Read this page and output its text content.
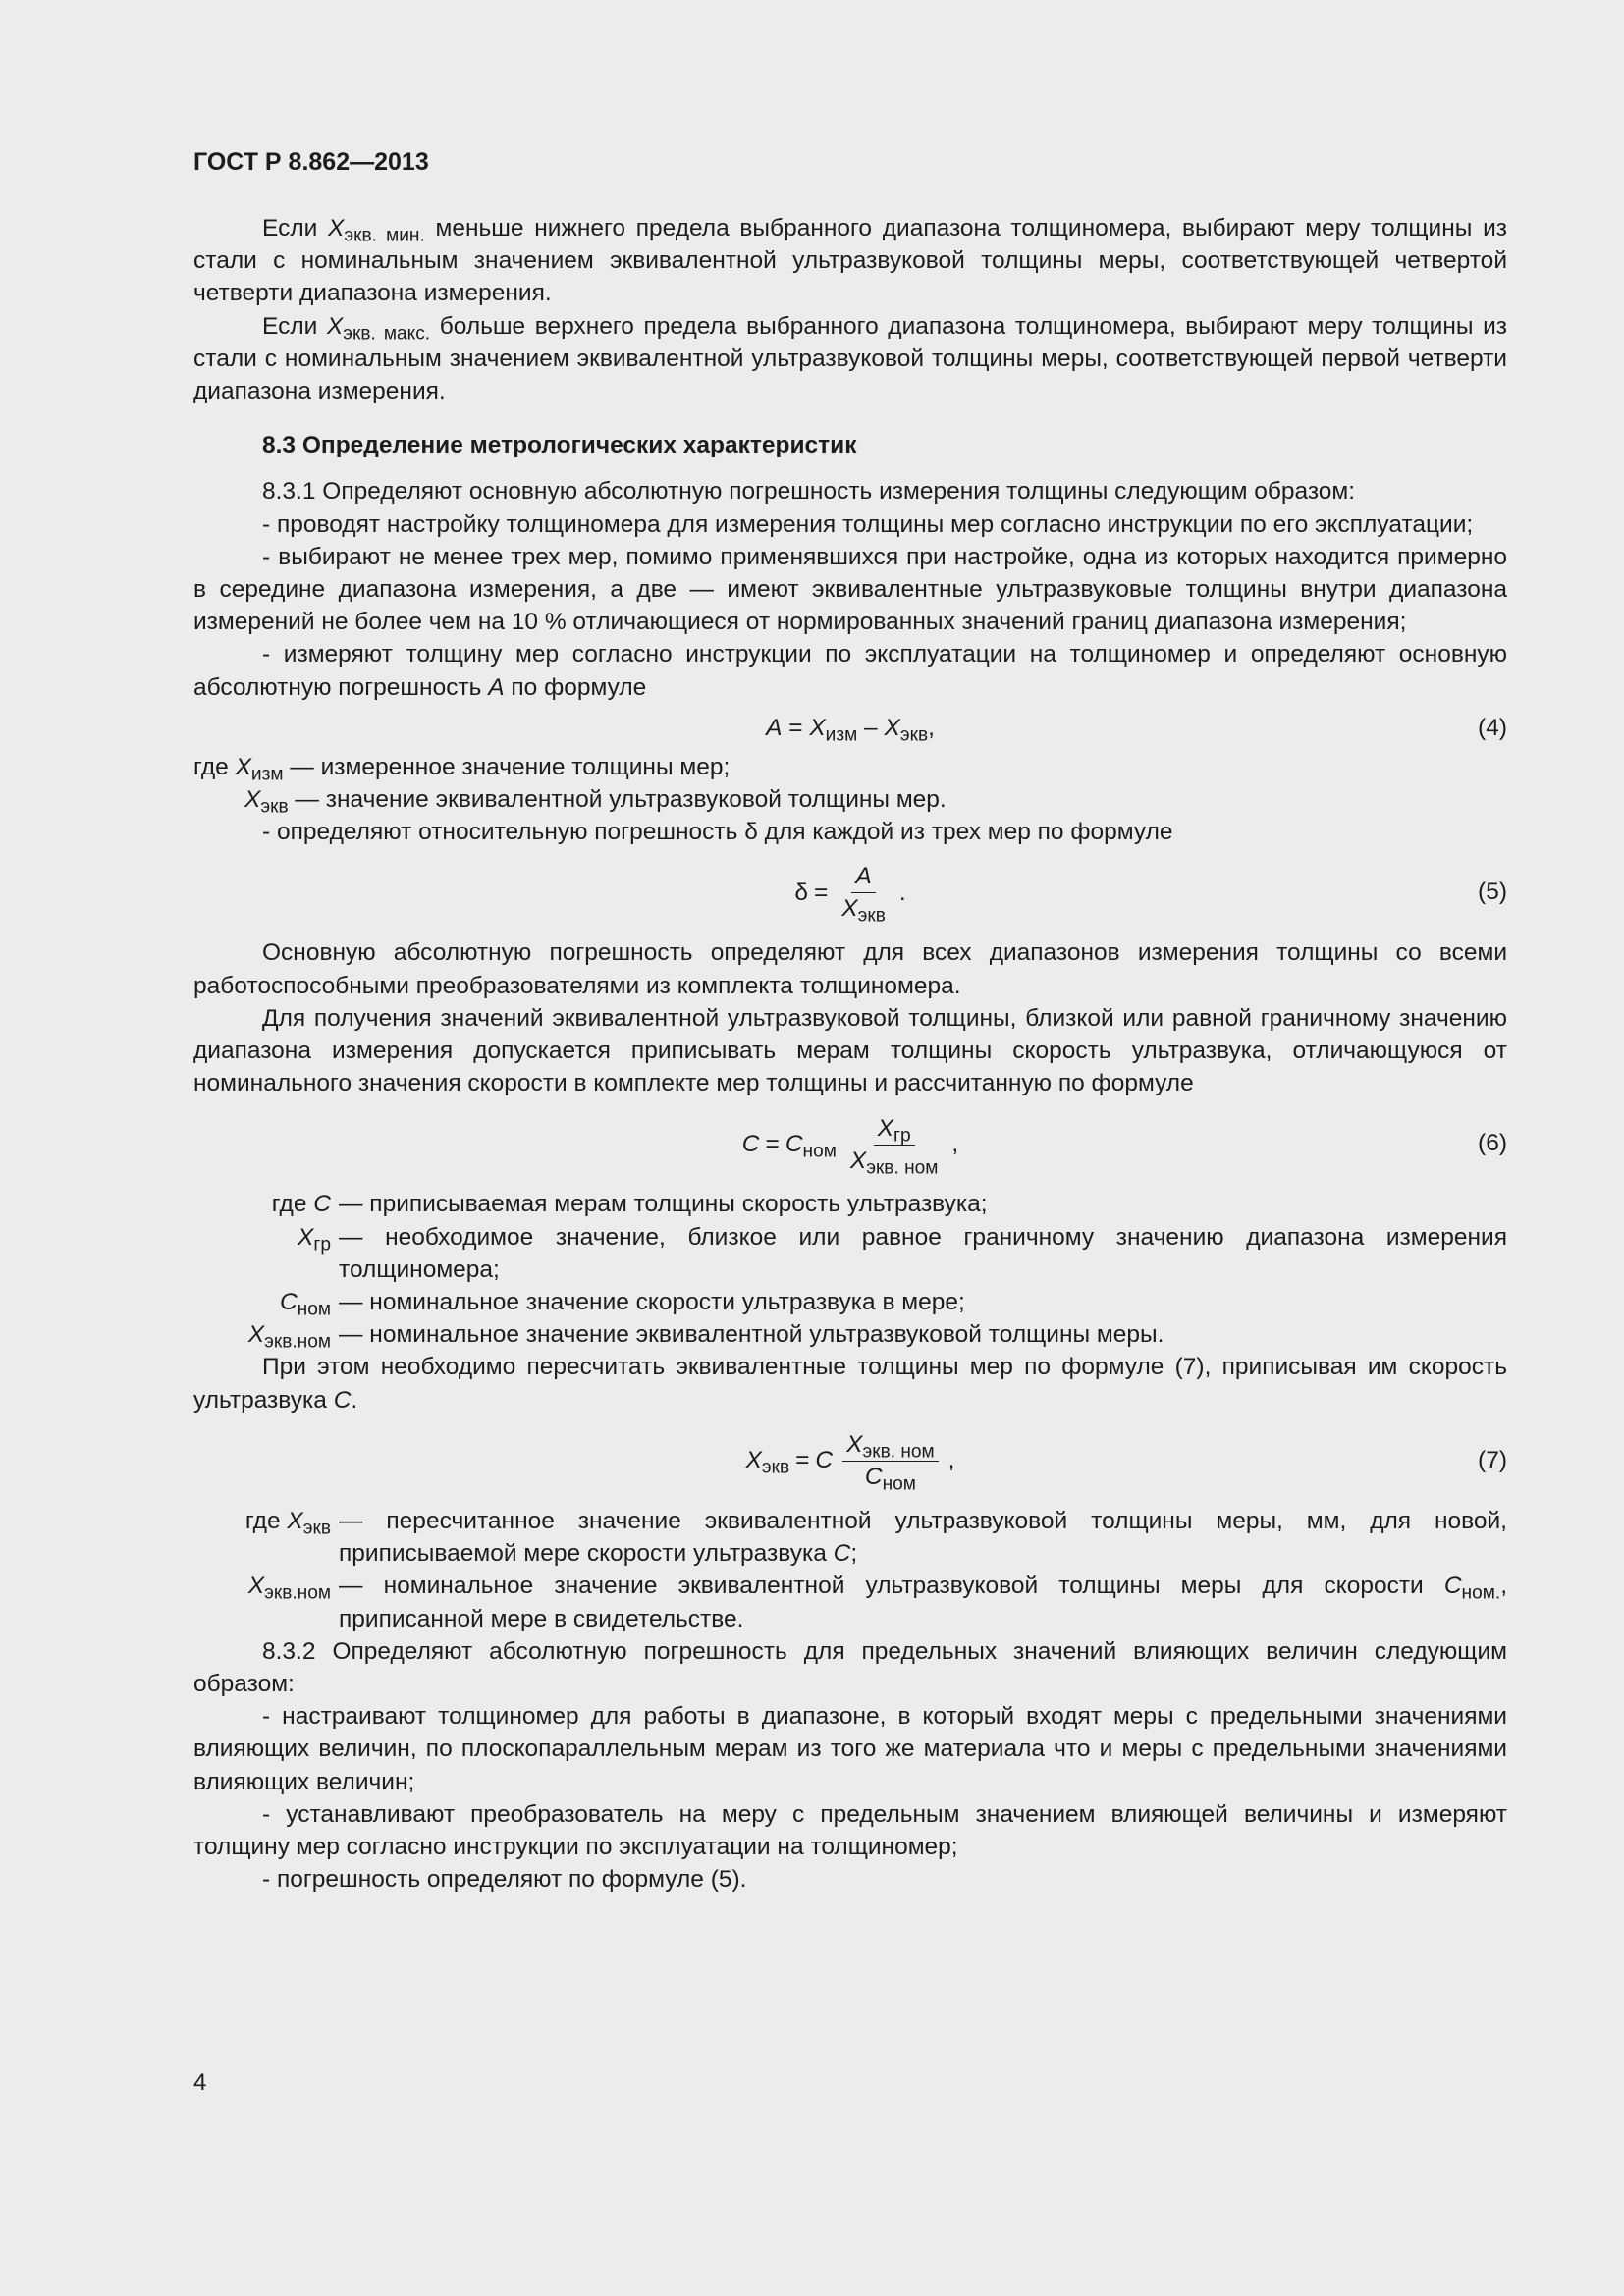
ГОСТ Р 8.862—2013

Если $X_{экв. мин.}$ меньше нижнего предела выбранного диапазона толщиномера, выбирают меру толщины из стали с номинальным значением эквивалентной ультразвуковой толщины меры, соответствующей четвертой четверти диапазона измерения.

Если $X_{экв. макс.}$ больше верхнего предела выбранного диапазона толщиномера, выбирают меру толщины из стали с номинальным значением эквивалентной ультразвуковой толщины меры, соответствующей первой четверти диапазона измерения.

8.3 Определение метрологических характеристик

8.3.1 Определяют основную абсолютную погрешность измерения толщины следующим образом:

- проводят настройку толщиномера для измерения толщины мер согласно инструкции по его эксплуатации;

- выбирают не менее трех мер, помимо применявшихся при настройке, одна из которых находится примерно в середине диапазона измерения, а две — имеют эквивалентные ультразвуковые толщины внутри диапазона измерений не более чем на 10 % отличающиеся от нормированных значений границ диапазона измерения;

- измеряют толщину мер согласно инструкции по эксплуатации на толщиномер и определяют основную абсолютную погрешность A по формуле

$A = X_{изм} - X_{экв}$,	(4)
где $X_{изм}$ — измеренное значение толщины мер;
$X_{экв}$ — значение эквивалентной ультразвуковой толщины мер.

- определяют относительную погрешность δ для каждой из трех мер по формуле

$\delta = \frac{A}{X_{экв}}$ .	(5)

Основную абсолютную погрешность определяют для всех диапазонов измерения толщины со всеми работоспособными преобразователями из комплекта толщиномера.

Для получения значений эквивалентной ультразвуковой толщины, близкой или равной граничному значению диапазона измерения допускается приписывать мерам толщины скорость ультразвука, отличающуюся от номинального значения скорости в комплекте мер толщины и рассчитанную по формуле

$C = C_{ном} \frac{X_{гр}}{X_{экв. ном}}$ ,	(6)
где C — приписываемая мерам толщины скорость ультразвука;
$X_{гр}$ — необходимое значение, близкое или равное граничному значению диапазона измерения толщиномера;
$C_{ном}$ — номинальное значение скорости ультразвука в мере;
$X_{экв.ном}$ — номинальное значение эквивалентной ультразвуковой толщины меры.

При этом необходимо пересчитать эквивалентные толщины мер по формуле (7), приписывая им скорость ультразвука C.

$X_{экв} = C \frac{X_{экв. ном}}{C_{ном}}$ ,	(7)
где $X_{экв}$ — пересчитанное значение эквивалентной ультразвуковой толщины меры, мм, для новой, приписываемой мере скорости ультразвука C;
$X_{экв.ном}$ — номинальное значение эквивалентной ультразвуковой толщины меры для скорости $C_{ном.}$, приписанной мере в свидетельстве.

8.3.2 Определяют абсолютную погрешность для предельных значений влияющих величин следующим образом:

- настраивают толщиномер для работы в диапазоне, в который входят меры с предельными значениями влияющих величин, по плоскопараллельным мерам из того же материала что и меры с предельными значениями влияющих величин;

- устанавливают преобразователь на меру с предельным значением влияющей величины и измеряют толщину мер согласно инструкции по эксплуатации на толщиномер;

- погрешность определяют по формуле (5).

4
